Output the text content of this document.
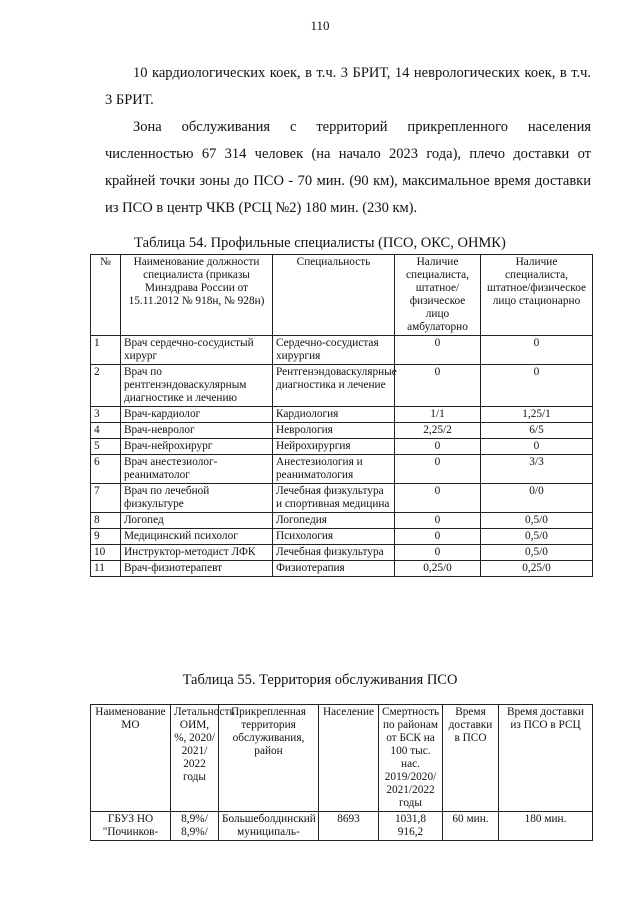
110

10 кардиологических коек, в т.ч. 3 БРИТ, 14 неврологических коек, в т.ч. 3 БРИТ.

Зона обслуживания с территорий прикрепленного населения численностью 67 314 человек (на начало 2023 года), плечо доставки от крайней точки зоны до ПСО - 70 мин. (90 км), максимальное время доставки из ПСО в центр ЧКВ (РСЦ №2) 180 мин. (230 км).

Таблица 54. Профильные специалисты (ПСО, ОКС, ОНМК)
№	Наименование должности специалиста (приказы Минздрава России от 15.11.2012 № 918н, № 928н)	Специальность	Наличие специалиста, штатное/физическое лицо амбулаторно	Наличие специалиста, штатное/физическое лицо стационарно
1	Врач сердечно-сосудистый хирург	Сердечно-сосудистая хирургия	0	0
2	Врач по рентгенэндоваскулярным диагностике и лечению	Рентгенэндоваскулярные диагностика и лечение	0	0
3	Врач-кардиолог	Кардиология	1/1	1,25/1
4	Врач-невролог	Неврология	2,25/2	6/5
5	Врач-нейрохирург	Нейрохирургия	0	0
6	Врач анестезиолог-реаниматолог	Анестезиология и реаниматология	0	3/3
7	Врач по лечебной физкультуре	Лечебная физкультура и спортивная медицина	0	0/0
8	Логопед	Логопедия	0	0,5/0
9	Медицинский психолог	Психология	0	0,5/0
10	Инструктор-методист ЛФК	Лечебная физкультура	0	0,5/0
11	Врач-физиотерапевт	Физиотерапия	0,25/0	0,25/0
Таблица 55. Территория обслуживания ПСО
Наименование МО	Летальность ОИМ, %, 2020/ 2021/ 2022 годы	Прикрепленная территория обслуживания, район	Население	Смертность по районам от БСК на 100 тыс. нас. 2019/2020/ 2021/2022 годы	Время доставки в ПСО	Время доставки из ПСО в РСЦ
ГБУЗ НО "Починков-	8,9%/ 8,9%/	Большеболдинский муниципаль-	8693	1031,8 916,2	60 мин.	180 мин.
